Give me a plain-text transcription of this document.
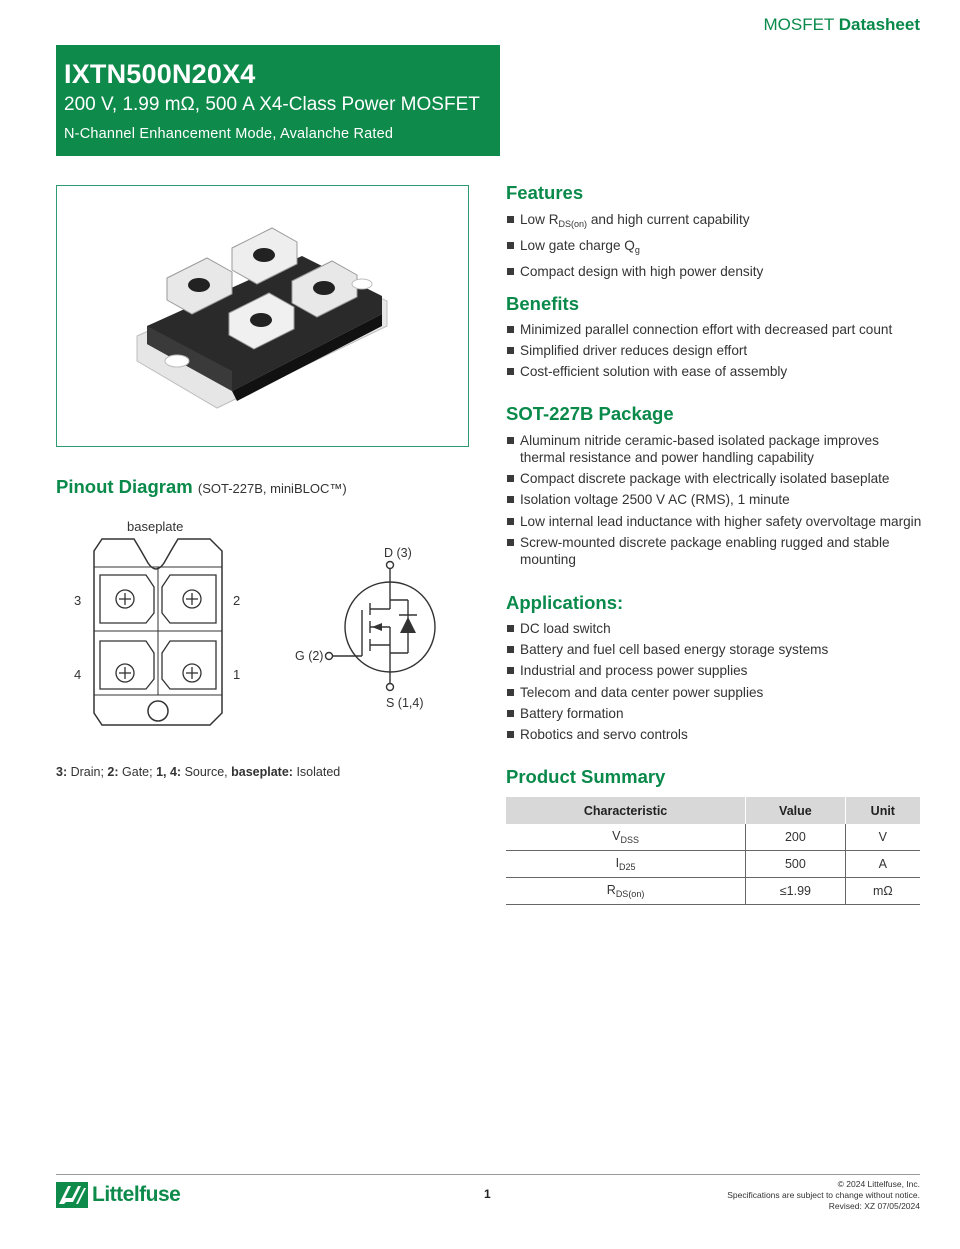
MOSFET Datasheet
IXTN500N20X4
200 V, 1.99 mΩ, 500 A X4-Class Power MOSFET
N-Channel Enhancement Mode, Avalanche Rated
Pinout Diagram (SOT-227B, miniBLOC™)
baseplate
3	2
4	1
D (3)
G (2)
S (1,4)
3: Drain; 2: Gate; 1, 4: Source, baseplate: Isolated
Features
Low $R_{DS(on)}$ and high current capability
Low gate charge $Q_g$
Compact design with high power density
Benefits
Minimized parallel connection effort with decreased part count
Simplified driver reduces design effort
Cost-efficient solution with ease of assembly
SOT-227B Package
Aluminum nitride ceramic-based isolated package improves thermal resistance and power handling capability
Compact discrete package with electrically isolated baseplate
Isolation voltage 2500 V AC (RMS), 1 minute
Low internal lead inductance with higher safety overvoltage margin
Screw-mounted discrete package enabling rugged and stable mounting
Applications:
DC load switch
Battery and fuel cell based energy storage systems
Industrial and process power supplies
Telecom and data center power supplies
Battery formation
Robotics and servo controls
Product Summary
Characteristic	Value	Unit
$V_{DSS}$	200	V
$I_{D25}$	500	A
$R_{DS(on)}$	≤1.99	mΩ
Littelfuse	1
© 2024 Littelfuse, Inc.
Specifications are subject to change without notice.
Revised: XZ 07/05/2024
